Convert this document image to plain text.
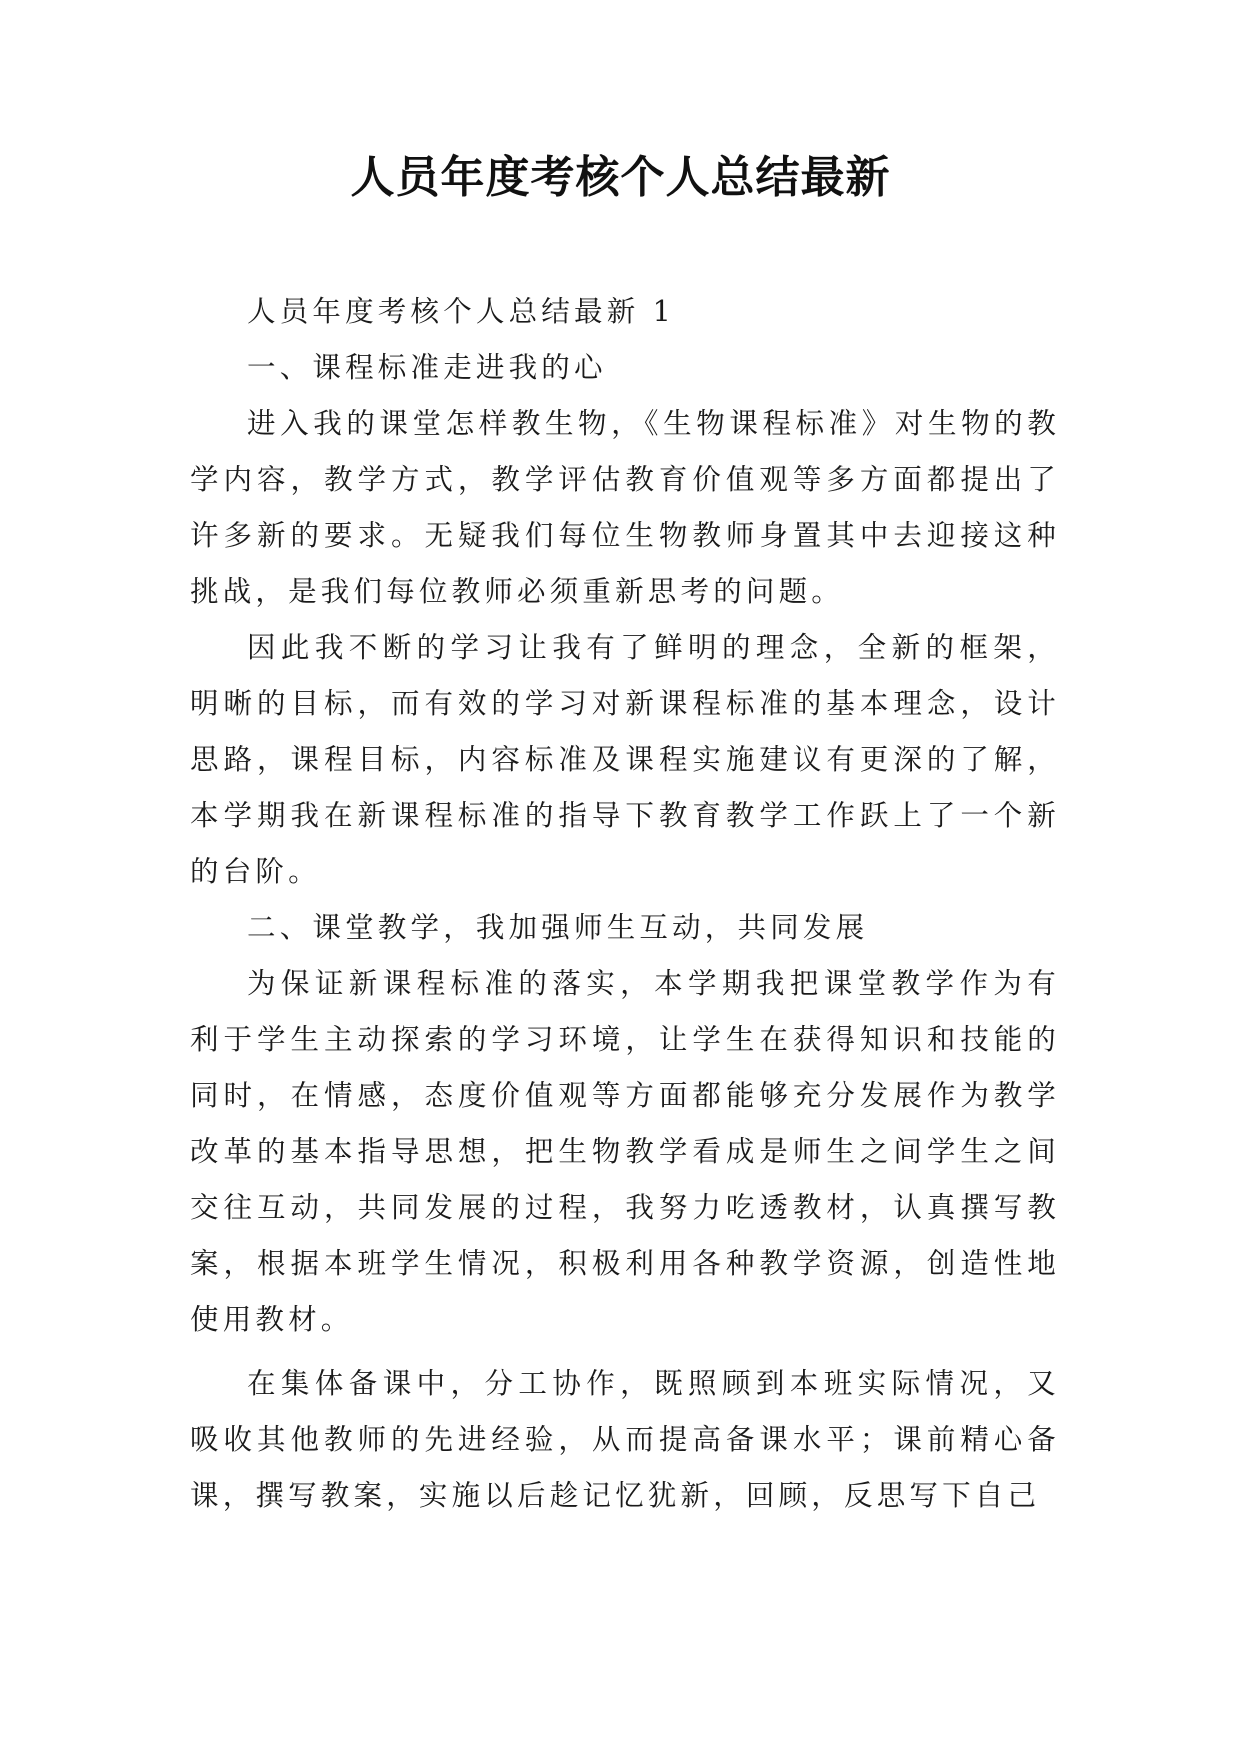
人员年度考核个人总结最新

人员年度考核个人总结最新 1

一、课程标准走进我的心

进入我的课堂怎样教生物，《生物课程标准》对生物的教学内容，教学方式，教学评估教育价值观等多方面都提出了许多新的要求。无疑我们每位生物教师身置其中去迎接这种挑战，是我们每位教师必须重新思考的问题。

因此我不断的学习让我有了鲜明的理念，全新的框架，明晰的目标，而有效的学习对新课程标准的基本理念，设计思路，课程目标，内容标准及课程实施建议有更深的了解，本学期我在新课程标准的指导下教育教学工作跃上了一个新的台阶。

二、课堂教学，我加强师生互动，共同发展

为保证新课程标准的落实，本学期我把课堂教学作为有利于学生主动探索的学习环境，让学生在获得知识和技能的同时，在情感，态度价值观等方面都能够充分发展作为教学改革的基本指导思想，把生物教学看成是师生之间学生之间交往互动，共同发展的过程，我努力吃透教材，认真撰写教案，根据本班学生情况，积极利用各种教学资源，创造性地使用教材。

在集体备课中，分工协作，既照顾到本班实际情况，又吸收其他教师的先进经验，从而提高备课水平；课前精心备课，撰写教案，实施以后趁记忆犹新，回顾，反思写下自己
